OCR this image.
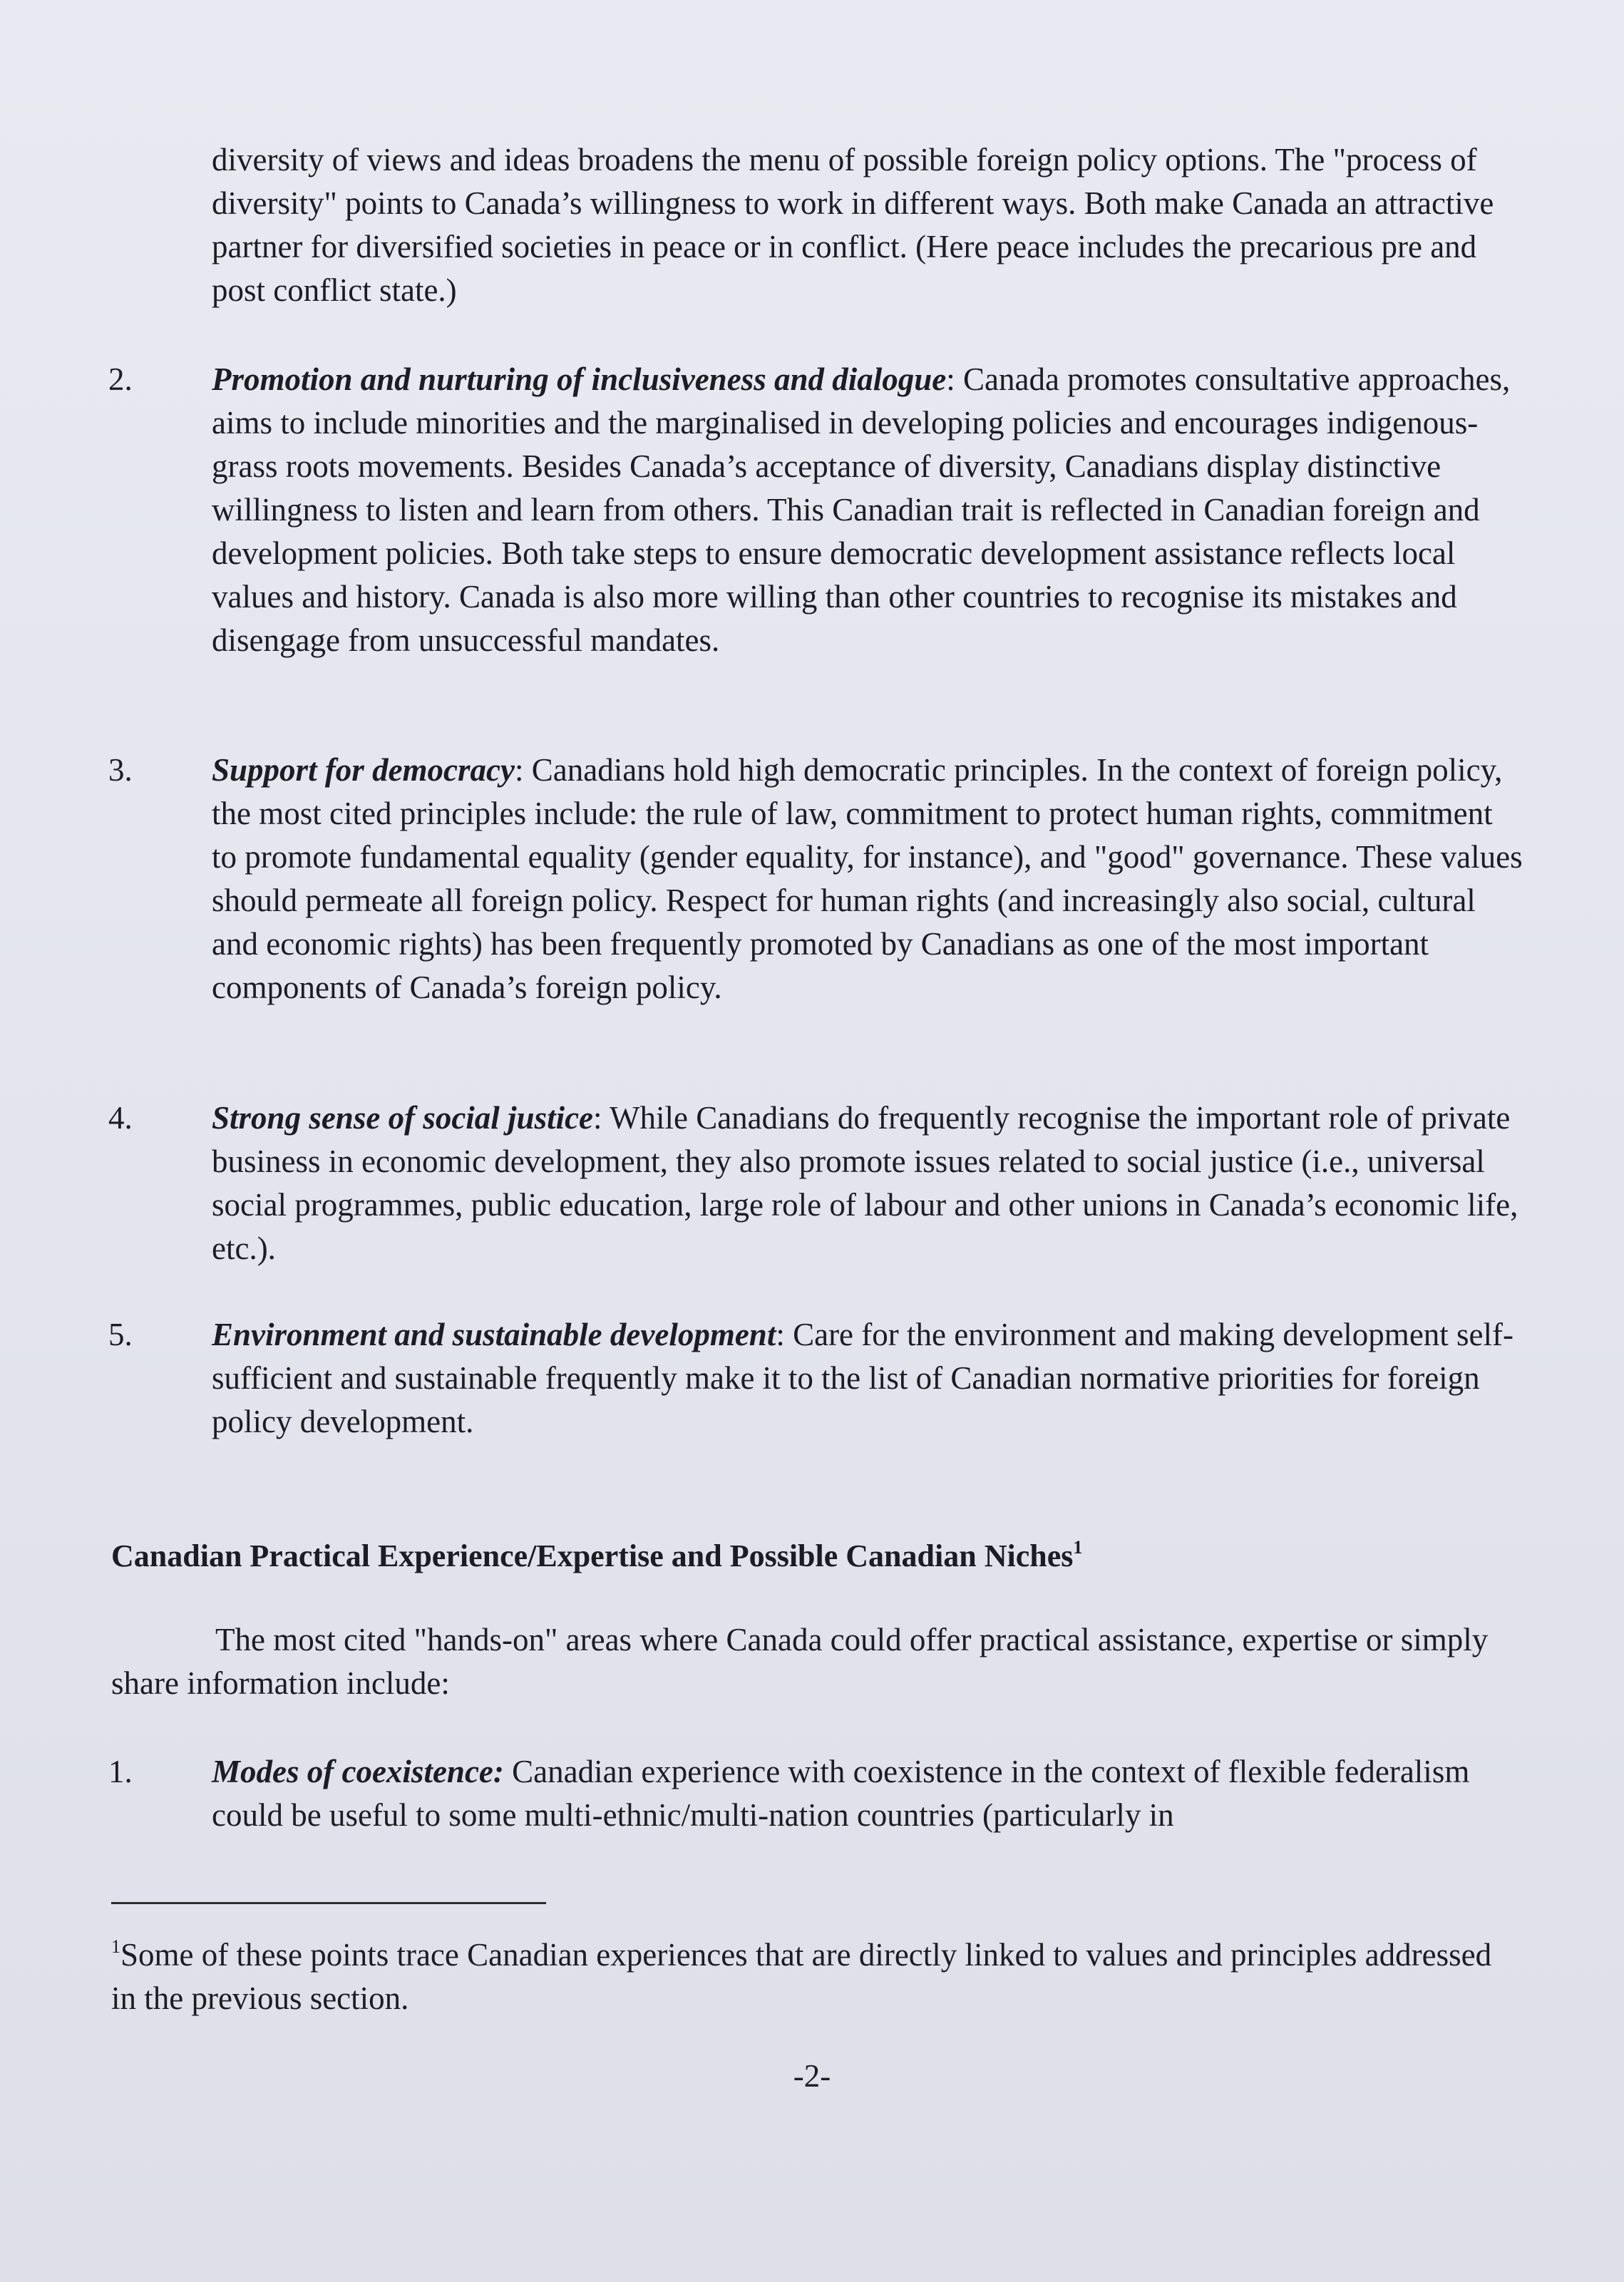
diversity of views and ideas broadens the menu of possible foreign policy options. The "process of diversity" points to Canada’s willingness to work in different ways. Both make Canada an attractive partner for diversified societies in peace or in conflict. (Here peace includes the precarious pre and post conflict state.)
2. Promotion and nurturing of inclusiveness and dialogue: Canada promotes consultative approaches, aims to include minorities and the marginalised in developing policies and encourages indigenous-grass roots movements. Besides Canada’s acceptance of diversity, Canadians display distinctive willingness to listen and learn from others. This Canadian trait is reflected in Canadian foreign and development policies. Both take steps to ensure democratic development assistance reflects local values and history. Canada is also more willing than other countries to recognise its mistakes and disengage from unsuccessful mandates.
3. Support for democracy: Canadians hold high democratic principles. In the context of foreign policy, the most cited principles include: the rule of law, commitment to protect human rights, commitment to promote fundamental equality (gender equality, for instance), and "good" governance. These values should permeate all foreign policy. Respect for human rights (and increasingly also social, cultural and economic rights) has been frequently promoted by Canadians as one of the most important components of Canada’s foreign policy.
4. Strong sense of social justice: While Canadians do frequently recognise the important role of private business in economic development, they also promote issues related to social justice (i.e., universal social programmes, public education, large role of labour and other unions in Canada’s economic life, etc.).
5. Environment and sustainable development: Care for the environment and making development self-sufficient and sustainable frequently make it to the list of Canadian normative priorities for foreign policy development.
Canadian Practical Experience/Expertise and Possible Canadian Niches$^1$
The most cited "hands-on" areas where Canada could offer practical assistance, expertise or simply share information include:
1. Modes of coexistence: Canadian experience with coexistence in the context of flexible federalism could be useful to some multi-ethnic/multi-nation countries (particularly in
$^1$Some of these points trace Canadian experiences that are directly linked to values and principles addressed in the previous section.
-2-
